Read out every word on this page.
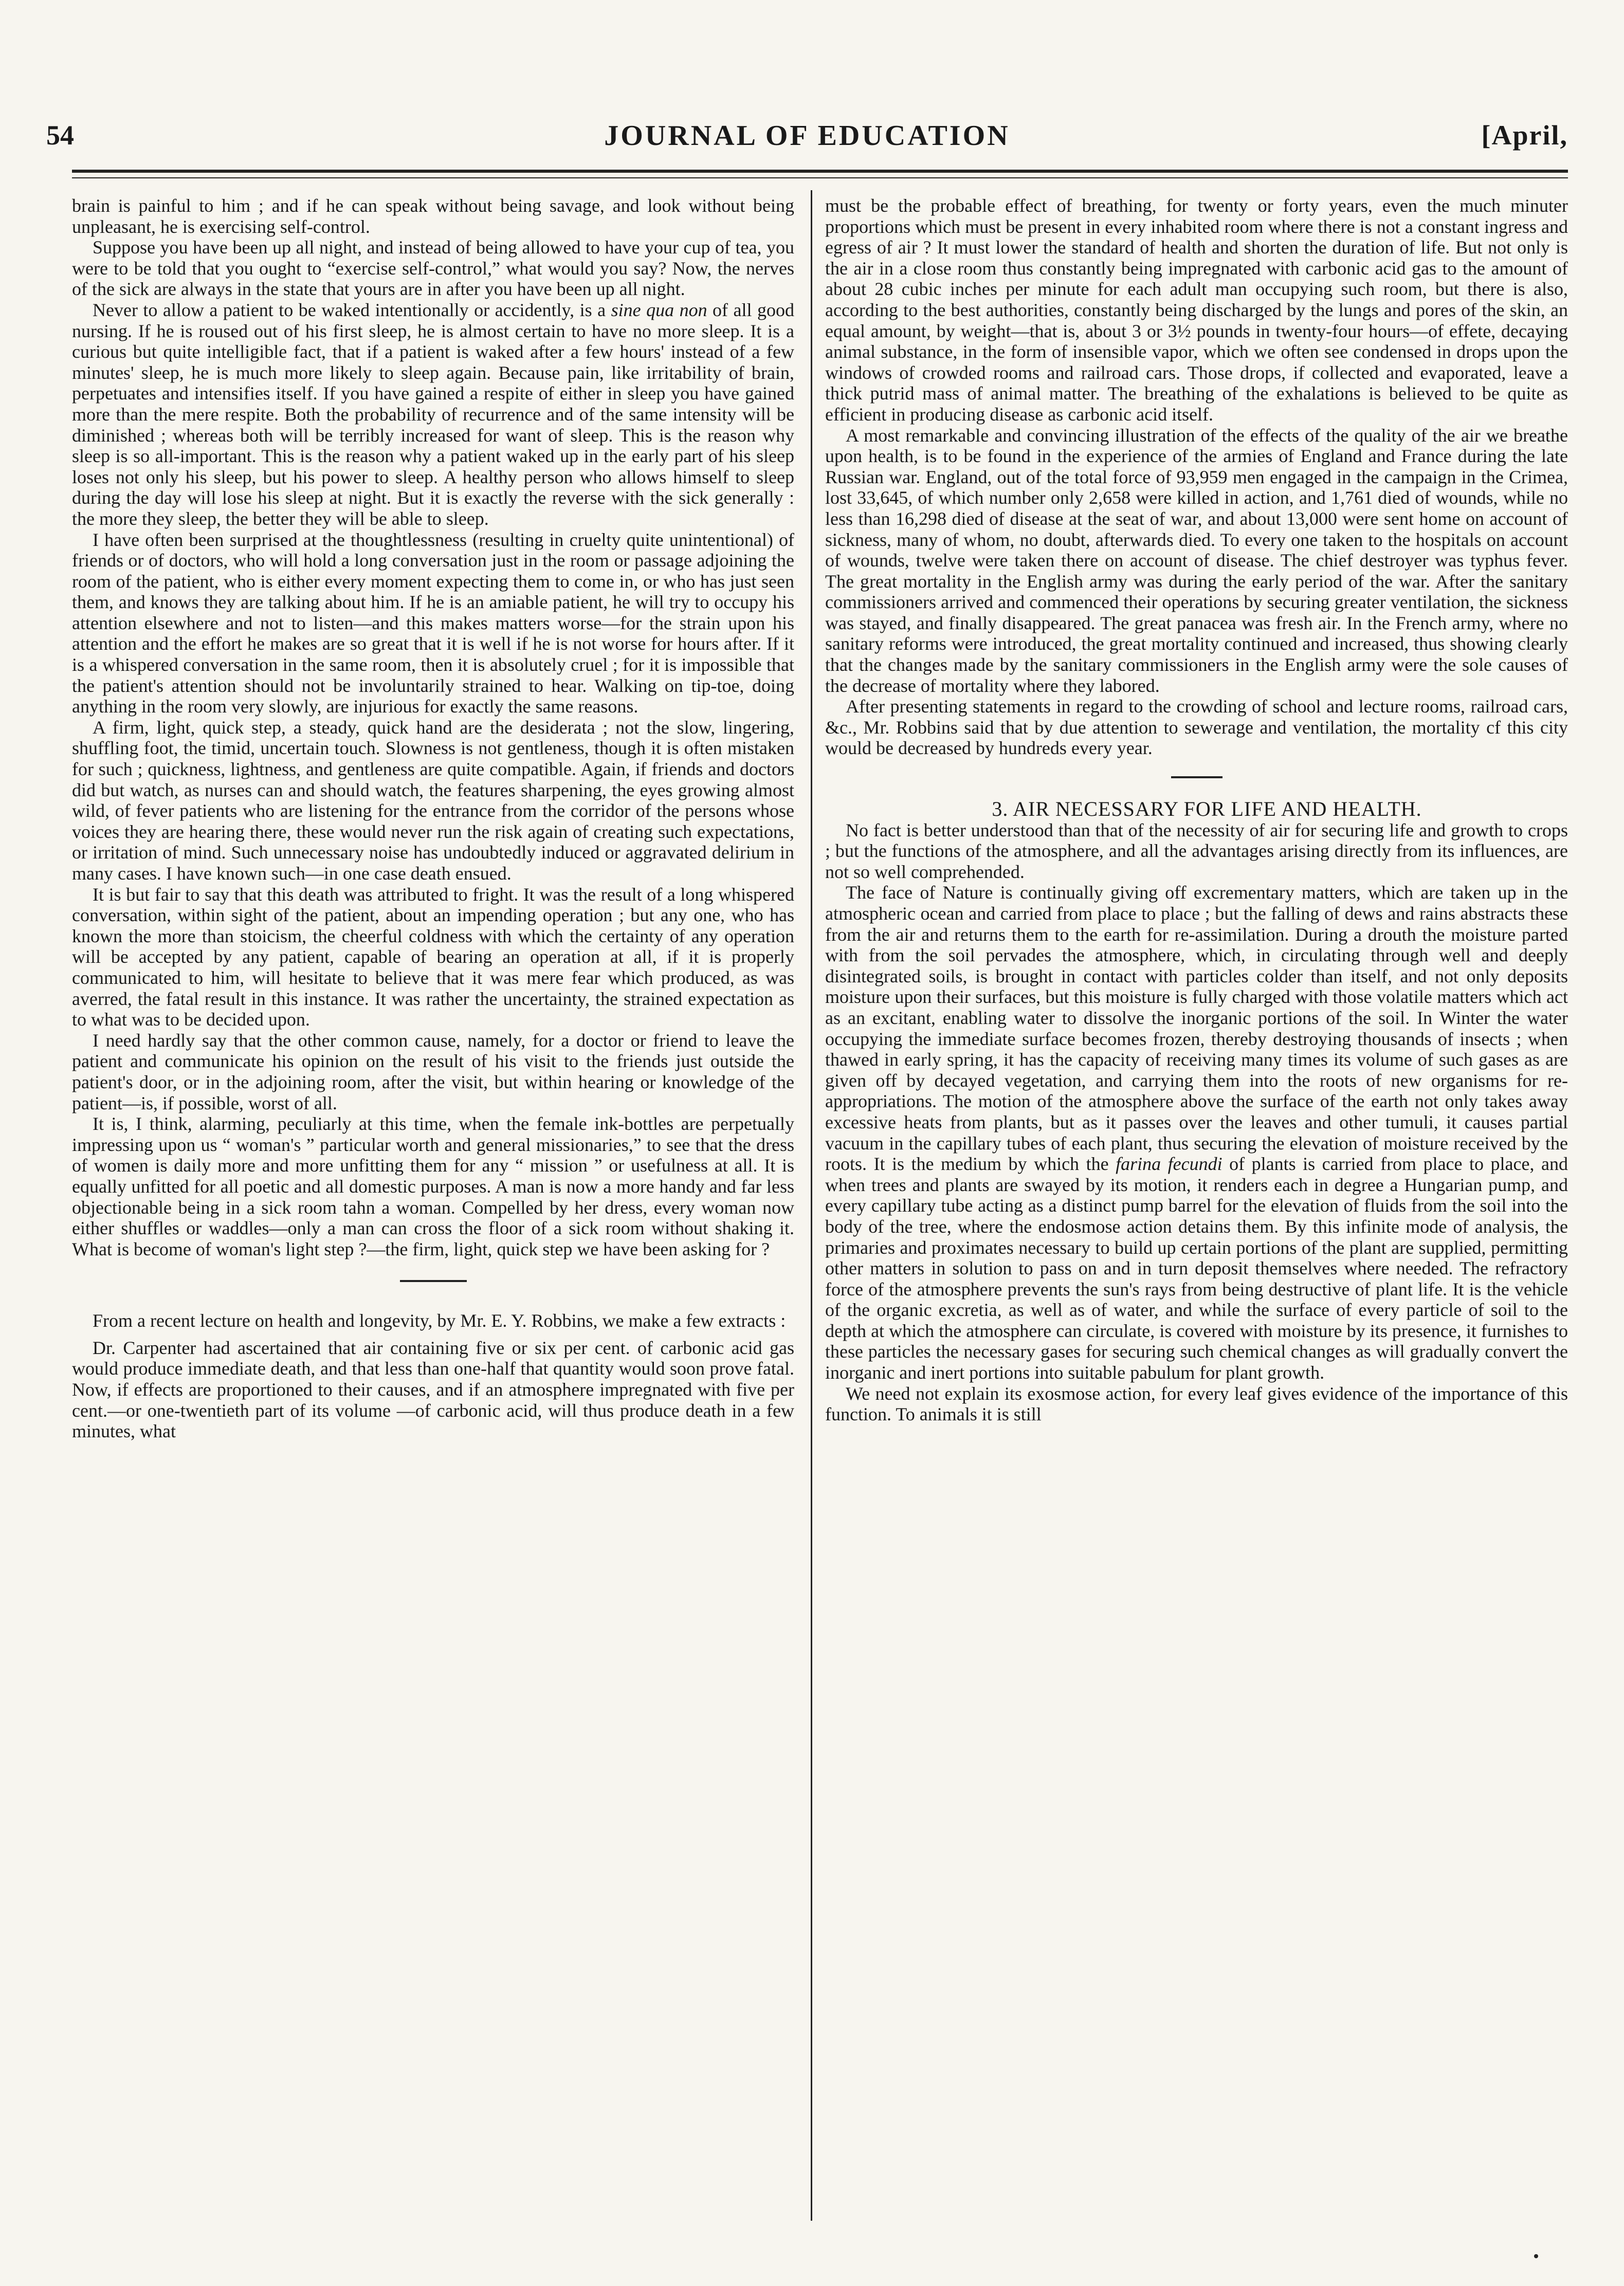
54	JOURNAL OF EDUCATION	[April,

brain is painful to him ; and if he can speak without being savage, and look without being unpleasant, he is exercising self-control.

Suppose you have been up all night, and instead of being allowed to have your cup of tea, you were to be told that you ought to “exercise self-control,” what would you say? Now, the nerves of the sick are always in the state that yours are in after you have been up all night.

Never to allow a patient to be waked intentionally or accidently, is a sine qua non of all good nursing. If he is roused out of his first sleep, he is almost certain to have no more sleep. It is a curious but quite intelligible fact, that if a patient is waked after a few hours' instead of a few minutes' sleep, he is much more likely to sleep again. Because pain, like irritability of brain, perpetuates and intensifies itself. If you have gained a respite of either in sleep you have gained more than the mere respite. Both the probability of recurrence and of the same intensity will be diminished ; whereas both will be terribly increased for want of sleep. This is the reason why sleep is so all-important. This is the reason why a patient waked up in the early part of his sleep loses not only his sleep, but his power to sleep. A healthy person who allows himself to sleep during the day will lose his sleep at night. But it is exactly the reverse with the sick generally : the more they sleep, the better they will be able to sleep.

I have often been surprised at the thoughtlessness (resulting in cruelty quite unintentional) of friends or of doctors, who will hold a long conversation just in the room or passage adjoining the room of the patient, who is either every moment expecting them to come in, or who has just seen them, and knows they are talking about him. If he is an amiable patient, he will try to occupy his attention elsewhere and not to listen—and this makes matters worse—for the strain upon his attention and the effort he makes are so great that it is well if he is not worse for hours after. If it is a whispered conversation in the same room, then it is absolutely cruel ; for it is impossible that the patient's attention should not be involuntarily strained to hear. Walking on tip-toe, doing anything in the room very slowly, are injurious for exactly the same reasons.

A firm, light, quick step, a steady, quick hand are the desiderata ; not the slow, lingering, shuffling foot, the timid, uncertain touch. Slowness is not gentleness, though it is often mistaken for such ; quickness, lightness, and gentleness are quite compatible. Again, if friends and doctors did but watch, as nurses can and should watch, the features sharpening, the eyes growing almost wild, of fever patients who are listening for the entrance from the corridor of the persons whose voices they are hearing there, these would never run the risk again of creating such expectations, or irritation of mind. Such unnecessary noise has undoubtedly induced or aggravated delirium in many cases. I have known such—in one case death ensued.

It is but fair to say that this death was attributed to fright. It was the result of a long whispered conversation, within sight of the patient, about an impending operation ; but any one, who has known the more than stoicism, the cheerful coldness with which the certainty of any operation will be accepted by any patient, capable of bearing an operation at all, if it is properly communicated to him, will hesitate to believe that it was mere fear which produced, as was averred, the fatal result in this instance. It was rather the uncertainty, the strained expectation as to what was to be decided upon.

I need hardly say that the other common cause, namely, for a doctor or friend to leave the patient and communicate his opinion on the result of his visit to the friends just outside the patient's door, or in the adjoining room, after the visit, but within hearing or knowledge of the patient—is, if possible, worst of all.

It is, I think, alarming, peculiarly at this time, when the female ink-bottles are perpetually impressing upon us “ woman's ” particular worth and general missionaries,” to see that the dress of women is daily more and more unfitting them for any “ mission ” or usefulness at all. It is equally unfitted for all poetic and all domestic purposes. A man is now a more handy and far less objectionable being in a sick room tahn a woman. Compelled by her dress, every woman now either shuffles or waddles—only a man can cross the floor of a sick room without shaking it. What is become of woman's light step ?—the firm, light, quick step we have been asking for ?

From a recent lecture on health and longevity, by Mr. E. Y. Robbins, we make a few extracts :

Dr. Carpenter had ascertained that air containing five or six per cent. of carbonic acid gas would produce immediate death, and that less than one-half that quantity would soon prove fatal. Now, if effects are proportioned to their causes, and if an atmosphere impregnated with five per cent.—or one-twentieth part of its volume —of carbonic acid, will thus produce death in a few minutes, what

must be the probable effect of breathing, for twenty or forty years, even the much minuter proportions which must be present in every inhabited room where there is not a constant ingress and egress of air ? It must lower the standard of health and shorten the duration of life. But not only is the air in a close room thus constantly being impregnated with carbonic acid gas to the amount of about 28 cubic inches per minute for each adult man occupying such room, but there is also, according to the best authorities, constantly being discharged by the lungs and pores of the skin, an equal amount, by weight—that is, about 3 or 3½ pounds in twenty-four hours—of effete, decaying animal substance, in the form of insensible vapor, which we often see condensed in drops upon the windows of crowded rooms and railroad cars. Those drops, if collected and evaporated, leave a thick putrid mass of animal matter. The breathing of the exhalations is believed to be quite as efficient in producing disease as carbonic acid itself.

A most remarkable and convincing illustration of the effects of the quality of the air we breathe upon health, is to be found in the experience of the armies of England and France during the late Russian war. England, out of the total force of 93,959 men engaged in the campaign in the Crimea, lost 33,645, of which number only 2,658 were killed in action, and 1,761 died of wounds, while no less than 16,298 died of disease at the seat of war, and about 13,000 were sent home on account of sickness, many of whom, no doubt, afterwards died. To every one taken to the hospitals on account of wounds, twelve were taken there on account of disease. The chief destroyer was typhus fever. The great mortality in the English army was during the early period of the war. After the sanitary commissioners arrived and commenced their operations by securing greater ventilation, the sickness was stayed, and finally disappeared. The great panacea was fresh air. In the French army, where no sanitary reforms were introduced, the great mortality continued and increased, thus showing clearly that the changes made by the sanitary commissioners in the English army were the sole causes of the decrease of mortality where they labored.

After presenting statements in regard to the crowding of school and lecture rooms, railroad cars, &c., Mr. Robbins said that by due attention to sewerage and ventilation, the mortality cf this city would be decreased by hundreds every year.

3. AIR NECESSARY FOR LIFE AND HEALTH.

No fact is better understood than that of the necessity of air for securing life and growth to crops ; but the functions of the atmosphere, and all the advantages arising directly from its influences, are not so well comprehended.

The face of Nature is continually giving off excrementary matters, which are taken up in the atmospheric ocean and carried from place to place ; but the falling of dews and rains abstracts these from the air and returns them to the earth for re-assimilation. During a drouth the moisture parted with from the soil pervades the atmosphere, which, in circulating through well and deeply disintegrated soils, is brought in contact with particles colder than itself, and not only deposits moisture upon their surfaces, but this moisture is fully charged with those volatile matters which act as an excitant, enabling water to dissolve the inorganic portions of the soil. In Winter the water occupying the immediate surface becomes frozen, thereby destroying thousands of insects ; when thawed in early spring, it has the capacity of receiving many times its volume of such gases as are given off by decayed vegetation, and carrying them into the roots of new organisms for re-appropriations. The motion of the atmosphere above the surface of the earth not only takes away excessive heats from plants, but as it passes over the leaves and other tumuli, it causes partial vacuum in the capillary tubes of each plant, thus securing the elevation of moisture received by the roots. It is the medium by which the farina fecundi of plants is carried from place to place, and when trees and plants are swayed by its motion, it renders each in degree a Hungarian pump, and every capillary tube acting as a distinct pump barrel for the elevation of fluids from the soil into the body of the tree, where the endosmose action detains them. By this infinite mode of analysis, the primaries and proximates necessary to build up certain portions of the plant are supplied, permitting other matters in solution to pass on and in turn deposit themselves where needed. The refractory force of the atmosphere prevents the sun's rays from being destructive of plant life. It is the vehicle of the organic excretia, as well as of water, and while the surface of every particle of soil to the depth at which the atmosphere can circulate, is covered with moisture by its presence, it furnishes to these particles the necessary gases for securing such chemical changes as will gradually convert the inorganic and inert portions into suitable pabulum for plant growth.

We need not explain its exosmose action, for every leaf gives evidence of the importance of this function. To animals it is still
